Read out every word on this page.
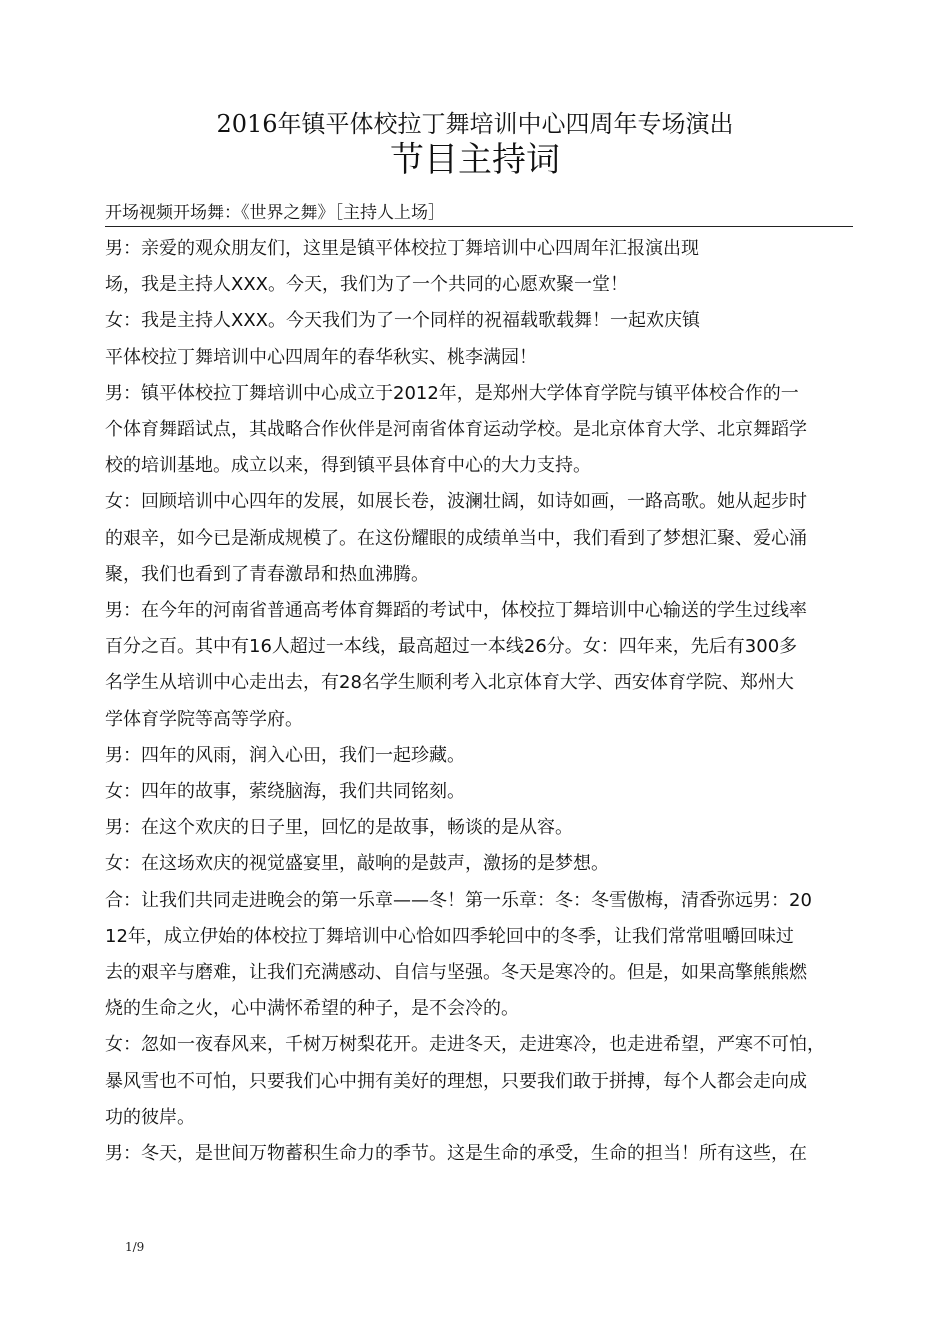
2016年镇平体校拉丁舞培训中心四周年专场演出
节目主持词
开场视频开场舞：《世界之舞》［主持人上场］

男：亲爱的观众朋友们，这里是镇平体校拉丁舞培训中心四周年汇报演出现

场，我是主持人XXX。今天，我们为了一个共同的心愿欢聚一堂！

女：我是主持人XXX。今天我们为了一个同样的祝福载歌载舞！一起欢庆镇

平体校拉丁舞培训中心四周年的春华秋实、桃李满园！

男：镇平体校拉丁舞培训中心成立于2012年，是郑州大学体育学院与镇平体校合作的一

个体育舞蹈试点，其战略合作伙伴是河南省体育运动学校。是北京体育大学、北京舞蹈学

校的培训基地。成立以来，得到镇平县体育中心的大力支持。

女：回顾培训中心四年的发展，如展长卷，波澜壮阔，如诗如画，一路高歌。她从起步时

的艰辛，如今已是渐成规模了。在这份耀眼的成绩单当中，我们看到了梦想汇聚、爱心涌

聚，我们也看到了青春激昂和热血沸腾。

男：在今年的河南省普通高考体育舞蹈的考试中，体校拉丁舞培训中心输送的学生过线率

百分之百。其中有16人超过一本线，最高超过一本线26分。女：四年来，先后有300多

名学生从培训中心走出去，有28名学生顺利考入北京体育大学、西安体育学院、郑州大

学体育学院等高等学府。

男：四年的风雨，润入心田，我们一起珍藏。

女：四年的故事，萦绕脑海，我们共同铭刻。

男：在这个欢庆的日子里，回忆的是故事，畅谈的是从容。

女：在这场欢庆的视觉盛宴里，敲响的是鼓声，激扬的是梦想。

合：让我们共同走进晚会的第一乐章——冬！第一乐章：冬：冬雪傲梅，清香弥远男：20

12年，成立伊始的体校拉丁舞培训中心恰如四季轮回中的冬季，让我们常常咀嚼回味过

去的艰辛与磨难，让我们充满感动、自信与坚强。冬天是寒冷的。但是，如果高擎熊熊燃

烧的生命之火，心中满怀希望的种子，是不会冷的。

女：忽如一夜春风来，千树万树梨花开。走进冬天，走进寒冷，也走进希望，严寒不可怕，

暴风雪也不可怕，只要我们心中拥有美好的理想，只要我们敢于拼搏，每个人都会走向成

功的彼岸。

男：冬天，是世间万物蓄积生命力的季节。这是生命的承受，生命的担当！所有这些，在

1/9
